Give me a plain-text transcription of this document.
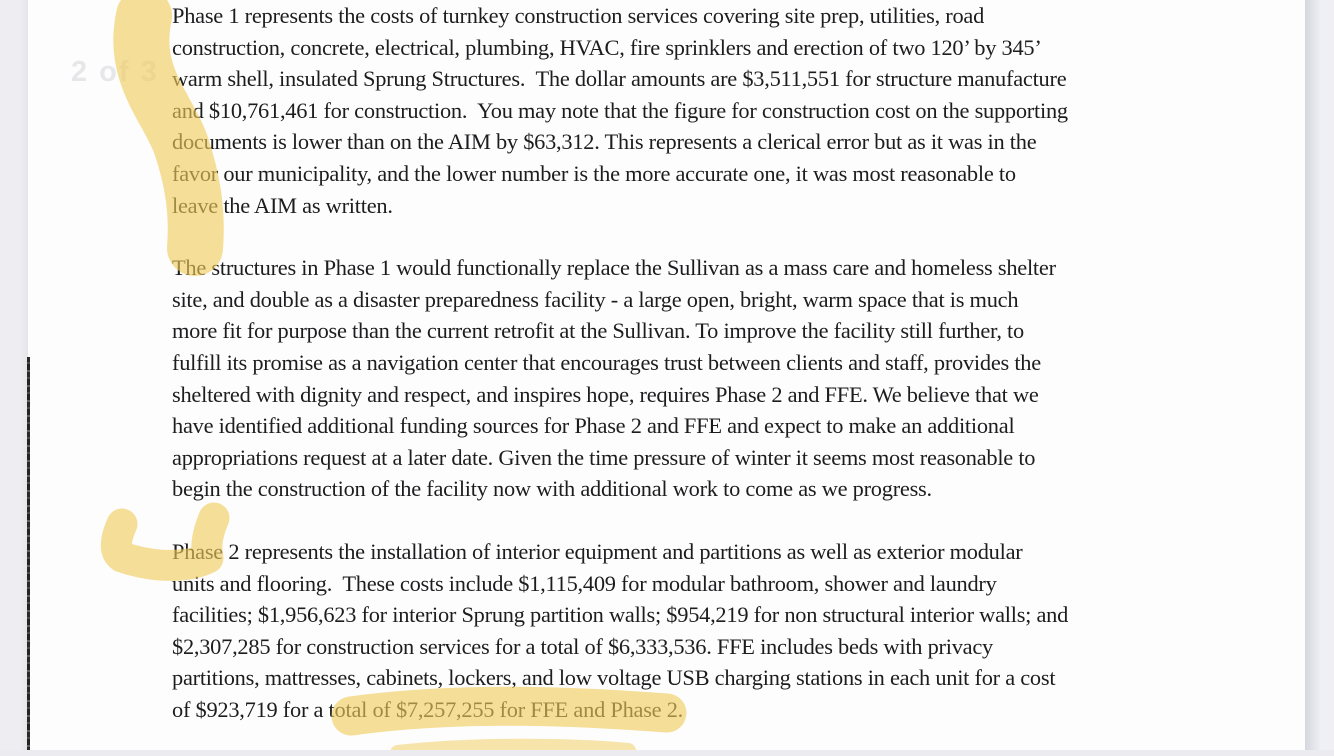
2 of 3
Phase 1 represents the costs of turnkey construction services covering site prep, utilities, road
construction, concrete, electrical, plumbing, HVAC, fire sprinklers and erection of two 120’ by 345’
warm shell, insulated Sprung Structures.  The dollar amounts are $3,511,551 for structure manufacture
and $10,761,461 for construction.  You may note that the figure for construction cost on the supporting
documents is lower than on the AIM by $63,312. This represents a clerical error but as it was in the
favor our municipality, and the lower number is the more accurate one, it was most reasonable to
leave the AIM as written.
The structures in Phase 1 would functionally replace the Sullivan as a mass care and homeless shelter
site, and double as a disaster preparedness facility - a large open, bright, warm space that is much
more fit for purpose than the current retrofit at the Sullivan. To improve the facility still further, to
fulfill its promise as a navigation center that encourages trust between clients and staff, provides the
sheltered with dignity and respect, and inspires hope, requires Phase 2 and FFE. We believe that we
have identified additional funding sources for Phase 2 and FFE and expect to make an additional
appropriations request at a later date. Given the time pressure of winter it seems most reasonable to
begin the construction of the facility now with additional work to come as we progress.
Phase 2 represents the installation of interior equipment and partitions as well as exterior modular
units and flooring.  These costs include $1,115,409 for modular bathroom, shower and laundry
facilities; $1,956,623 for interior Sprung partition walls; $954,219 for non structural interior walls; and
$2,307,285 for construction services for a total of $6,333,536. FFE includes beds with privacy
partitions, mattresses, cabinets, lockers, and low voltage USB charging stations in each unit for a cost
of $923,719 for a total of $7,257,255 for FFE and Phase 2.
